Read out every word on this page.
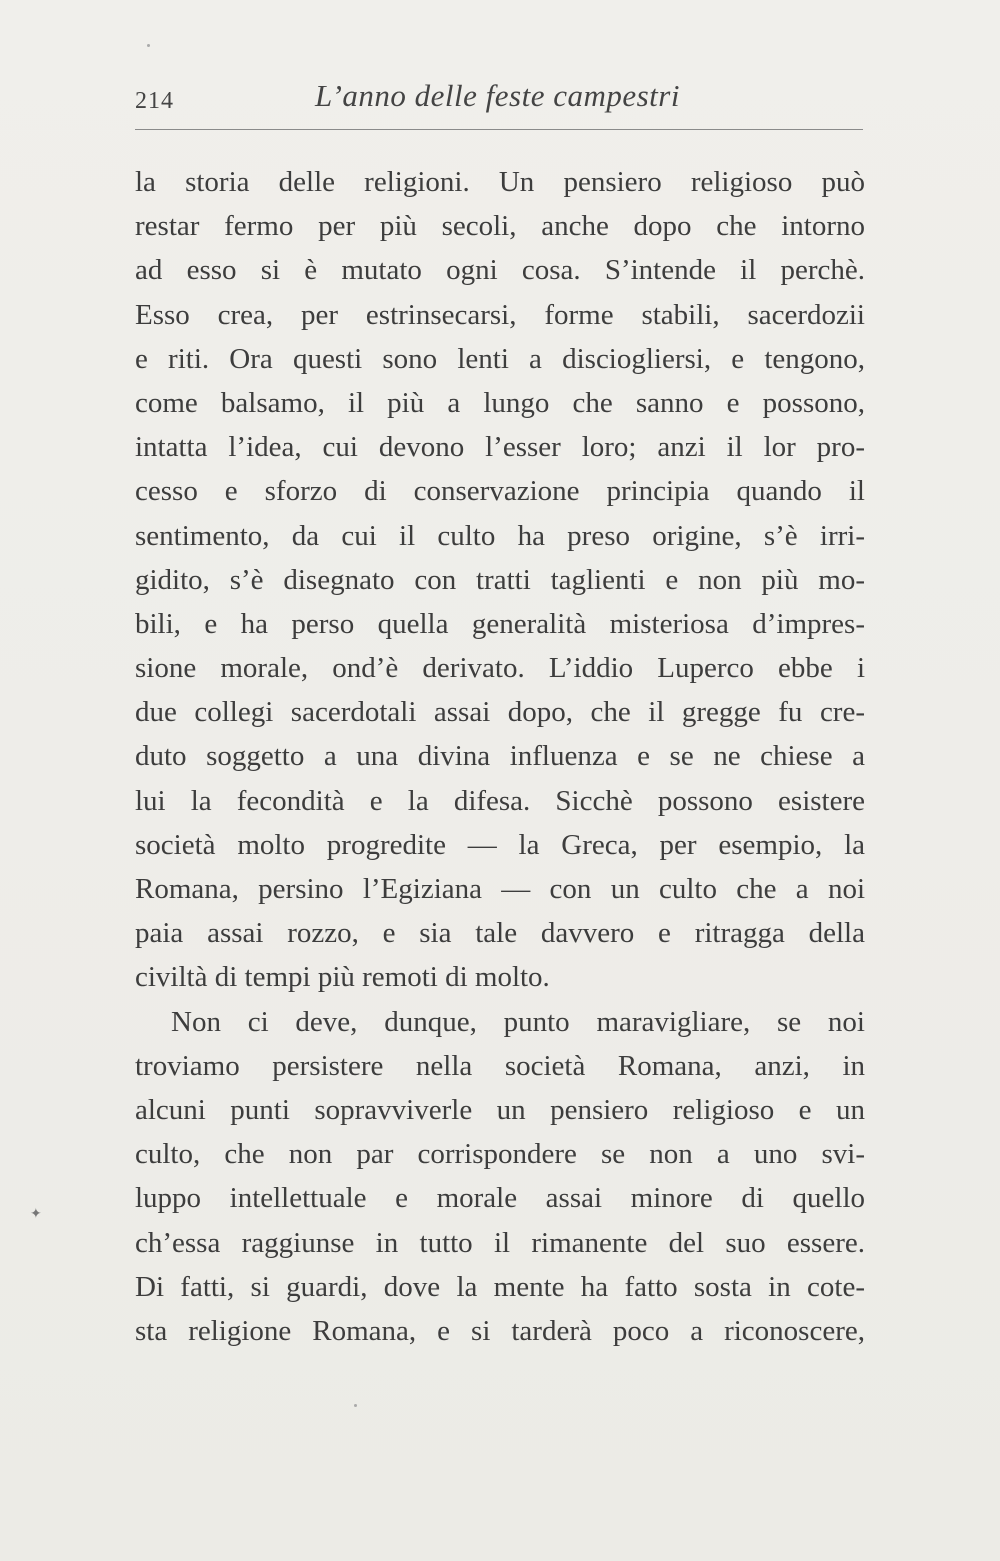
214	L’anno delle feste campestri

la storia delle religioni. Un pensiero religioso può
restar fermo per più secoli, anche dopo che intorno
ad esso si è mutato ogni cosa. S’intende il perchè.
Esso crea, per estrinsecarsi, forme stabili, sacerdozii
e riti. Ora questi sono lenti a disciogliersi, e tengono,
come balsamo, il più a lungo che sanno e possono,
intatta l’idea, cui devono l’esser loro; anzi il lor pro-
cesso e sforzo di conservazione principia quando il
sentimento, da cui il culto ha preso origine, s’è irri-
gidito, s’è disegnato con tratti taglienti e non più mo-
bili, e ha perso quella generalità misteriosa d’impres-
sione morale, ond’è derivato. L’iddio Luperco ebbe i
due collegi sacerdotali assai dopo, che il gregge fu cre-
duto soggetto a una divina influenza e se ne chiese a
lui la fecondità e la difesa. Sicchè possono esistere
società molto progredite — la Greca, per esempio, la
Romana, persino l’Egiziana — con un culto che a noi
paia assai rozzo, e sia tale davvero e ritragga della
civiltà di tempi più remoti di molto.

Non ci deve, dunque, punto maravigliare, se noi
troviamo persistere nella società Romana, anzi, in
alcuni punti sopravviverle un pensiero religioso e un
culto, che non par corrispondere se non a uno svi-
luppo intellettuale e morale assai minore di quello
ch’essa raggiunse in tutto il rimanente del suo essere.
Di fatti, si guardi, dove la mente ha fatto sosta in cote-
sta religione Romana, e si tarderà poco a riconoscere,

✦
